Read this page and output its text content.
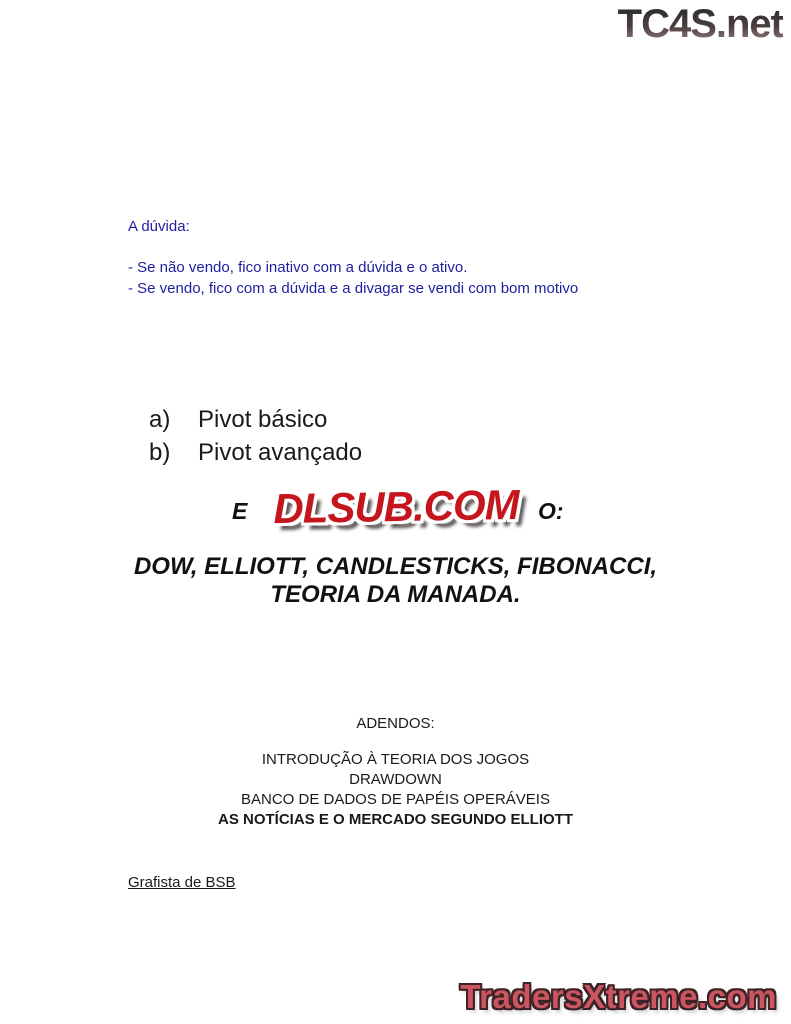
TC4S.net
A dúvida:
- Se não vendo, fico inativo com a dúvida e o ativo.
- Se vendo, fico com a dúvida e a divagar se vendi com bom motivo
a)	Pivot básico
b)	Pivot avançado
E	O:
DLSUB.COM
DOW, ELLIOTT, CANDLESTICKS, FIBONACCI,
TEORIA DA MANADA.
ADENDOS:
INTRODUÇÃO À TEORIA DOS JOGOS
DRAWDOWN
BANCO DE DADOS DE PAPÉIS OPERÁVEIS
AS NOTÍCIAS E O MERCADO SEGUNDO ELLIOTT
Grafista de BSB
TradersXtreme.com
